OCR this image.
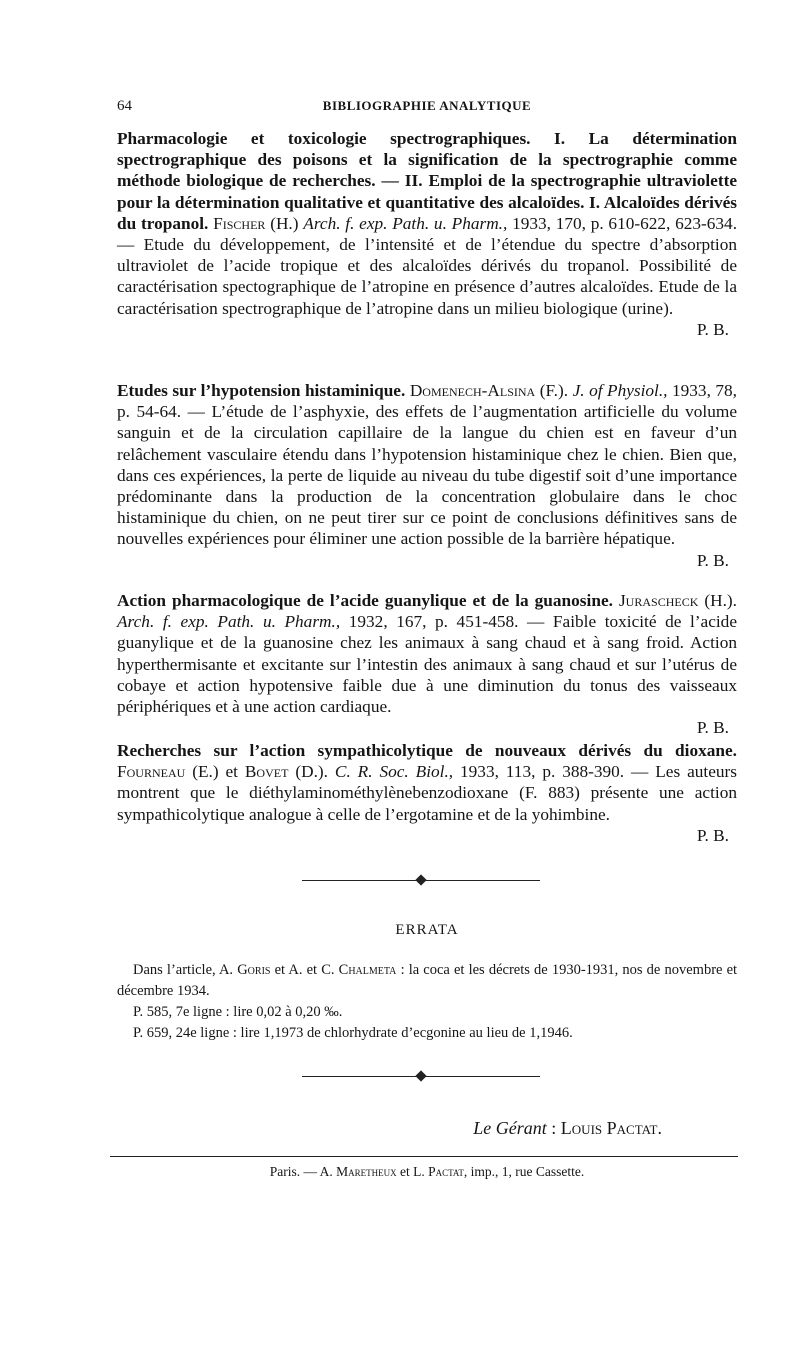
64	BIBLIOGRAPHIE ANALYTIQUE
Pharmacologie et toxicologie spectrographiques. I. La détermination spectrographique des poisons et la signification de la spectrographie comme méthode biologique de recherches. — II. Emploi de la spectrographie ultraviolette pour la détermination qualitative et quantitative des alcaloïdes. I. Alcaloïdes dérivés du tropanol. Fischer (H.) Arch. f. exp. Path. u. Pharm., 1933, 170, p. 610-622, 623-634. — Etude du développement, de l’intensité et de l’étendue du spectre d’absorption ultraviolet de l’acide tropique et des alcaloïdes dérivés du tropanol. Possibilité de caractérisation spectographique de l’atropine en présence d’autres alcaloïdes. Etude de la caractérisation spectrographique de l’atropine dans un milieu biologique (urine).
P. B.
Etudes sur l’hypotension histaminique. Domenech-Alsina (F.). J. of Physiol., 1933, 78, p. 54-64. — L’étude de l’asphyxie, des effets de l’augmentation artificielle du volume sanguin et de la circulation capillaire de la langue du chien est en faveur d’un relâchement vasculaire étendu dans l’hypotension histaminique chez le chien. Bien que, dans ces expériences, la perte de liquide au niveau du tube digestif soit d’une importance prédominante dans la production de la concentration globulaire dans le choc histaminique du chien, on ne peut tirer sur ce point de conclusions définitives sans de nouvelles expériences pour éliminer une action possible de la barrière hépatique.
P. B.
Action pharmacologique de l’acide guanylique et de la guanosine. Jurascheck (H.). Arch. f. exp. Path. u. Pharm., 1932, 167, p. 451-458. — Faible toxicité de l’acide guanylique et de la guanosine chez les animaux à sang chaud et à sang froid. Action hyperthermisante et excitante sur l’intestin des animaux à sang chaud et sur l’utérus de cobaye et action hypotensive faible due à une diminution du tonus des vaisseaux périphériques et à une action cardiaque.
P. B.
Recherches sur l’action sympathicolytique de nouveaux dérivés du dioxane. Fourneau (E.) et Bovet (D.). C. R. Soc. Biol., 1933, 113, p. 388-390. — Les auteurs montrent que le diéthylaminométhylènebenzodioxane (F. 883) présente une action sympathicolytique analogue à celle de l’ergotamine et de la yohimbine.
P. B.
ERRATA

Dans l’article, A. Goris et A. et C. Chalmeta : la coca et les décrets de 1930-1931, nos de novembre et décembre 1934.

P. 585, 7e ligne : lire 0,02 à 0,20 ‰.

P. 659, 24e ligne : lire 1,1973 de chlorhydrate d’ecgonine au lieu de 1,1946.

Le Gérant : Louis Pactat.
Paris. — A. Maretheux et L. Pactat, imp., 1, rue Cassette.
